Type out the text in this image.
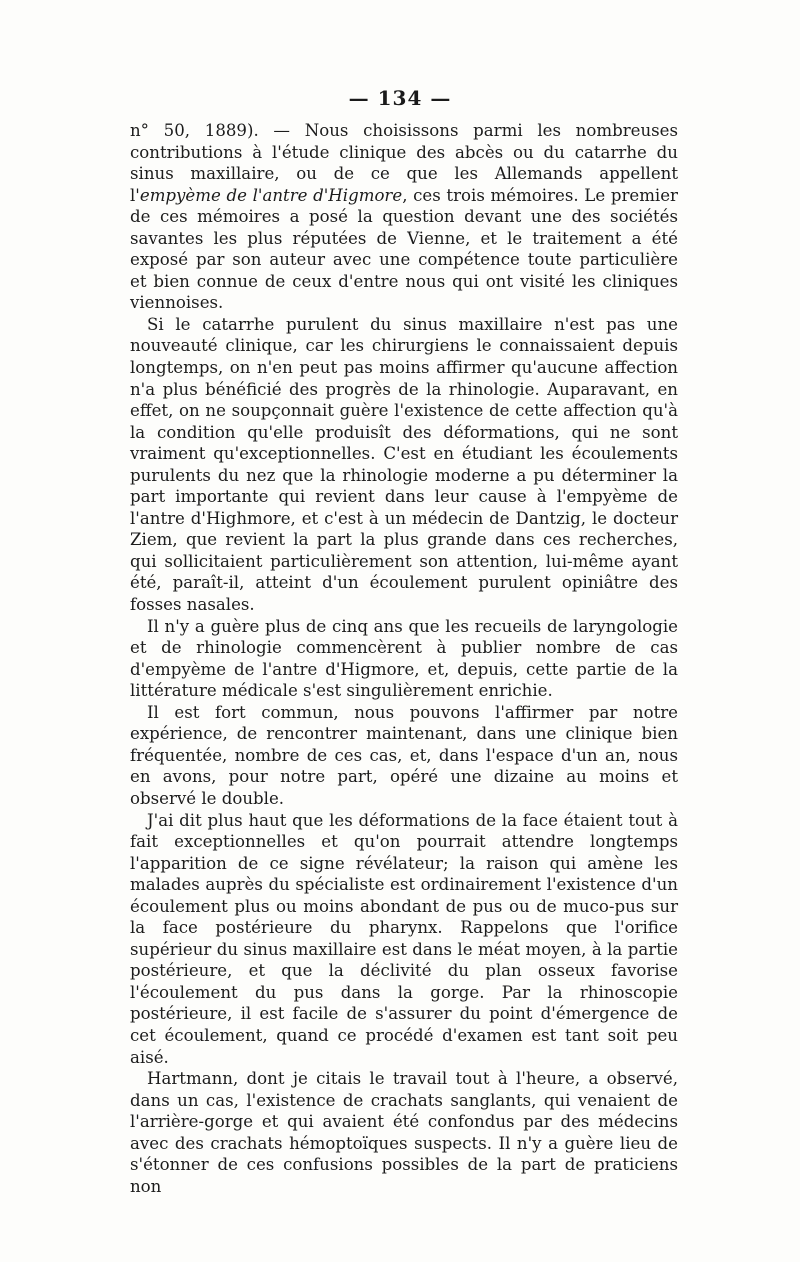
— 134 —

n° 50, 1889). — Nous choisissons parmi les nombreuses contributions à l'étude clinique des abcès ou du catarrhe du sinus maxillaire, ou de ce que les Allemands appellent l'empyème de l'antre d'Higmore, ces trois mémoires. Le premier de ces mémoires a posé la question devant une des sociétés savantes les plus réputées de Vienne, et le traitement a été exposé par son auteur avec une compétence toute particulière et bien connue de ceux d'entre nous qui ont visité les cliniques viennoises.

Si le catarrhe purulent du sinus maxillaire n'est pas une nouveauté clinique, car les chirurgiens le connaissaient depuis longtemps, on n'en peut pas moins affirmer qu'aucune affection n'a plus bénéficié des progrès de la rhinologie. Auparavant, en effet, on ne soupçonnait guère l'existence de cette affection qu'à la condition qu'elle produisît des déformations, qui ne sont vraiment qu'exceptionnelles. C'est en étudiant les écoulements purulents du nez que la rhinologie moderne a pu déterminer la part importante qui revient dans leur cause à l'empyème de l'antre d'Highmore, et c'est à un médecin de Dantzig, le docteur Ziem, que revient la part la plus grande dans ces recherches, qui sollicitaient particulièrement son attention, lui-même ayant été, paraît-il, atteint d'un écoulement purulent opiniâtre des fosses nasales.

Il n'y a guère plus de cinq ans que les recueils de laryngologie et de rhinologie commencèrent à publier nombre de cas d'empyème de l'antre d'Higmore, et, depuis, cette partie de la littérature médicale s'est singulièrement enrichie.

Il est fort commun, nous pouvons l'affirmer par notre expérience, de rencontrer maintenant, dans une clinique bien fréquentée, nombre de ces cas, et, dans l'espace d'un an, nous en avons, pour notre part, opéré une dizaine au moins et observé le double.

J'ai dit plus haut que les déformations de la face étaient tout à fait exceptionnelles et qu'on pourrait attendre longtemps l'apparition de ce signe révélateur; la raison qui amène les malades auprès du spécialiste est ordinairement l'existence d'un écoulement plus ou moins abondant de pus ou de muco-pus sur la face postérieure du pharynx. Rappelons que l'orifice supérieur du sinus maxillaire est dans le méat moyen, à la partie postérieure, et que la déclivité du plan osseux favorise l'écoulement du pus dans la gorge. Par la rhinoscopie postérieure, il est facile de s'assurer du point d'émergence de cet écoulement, quand ce procédé d'examen est tant soit peu aisé.

Hartmann, dont je citais le travail tout à l'heure, a observé, dans un cas, l'existence de crachats sanglants, qui venaient de l'arrière-gorge et qui avaient été confondus par des médecins avec des crachats hémoptoïques suspects. Il n'y a guère lieu de s'étonner de ces confusions possibles de la part de praticiens non
